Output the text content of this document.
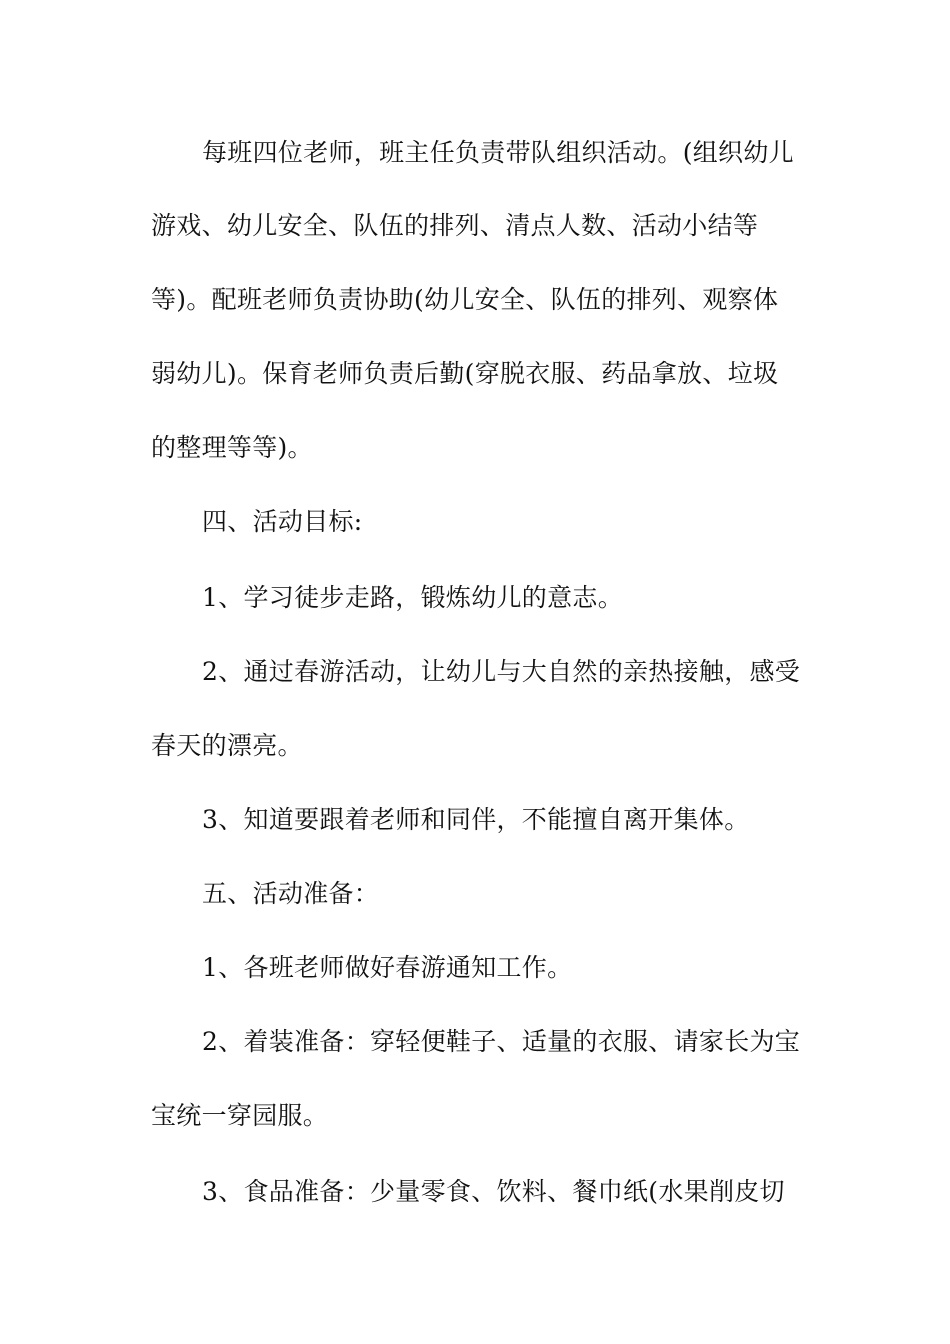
每班四位老师，班主任负责带队组织活动。(组织幼儿
游戏、幼儿安全、队伍的排列、清点人数、活动小结等
等)。配班老师负责协助(幼儿安全、队伍的排列、观察体
弱幼儿)。保育老师负责后勤(穿脱衣服、药品拿放、垃圾
的整理等等)。
四、活动目标:
1、学习徒步走路，锻炼幼儿的意志。
2、通过春游活动，让幼儿与大自然的亲热接触，感受
春天的漂亮。
3、知道要跟着老师和同伴，不能擅自离开集体。
五、活动准备：
1、各班老师做好春游通知工作。
2、着装准备：穿轻便鞋子、适量的衣服、请家长为宝
宝统一穿园服。
3、食品准备：少量零食、饮料、餐巾纸(水果削皮切
